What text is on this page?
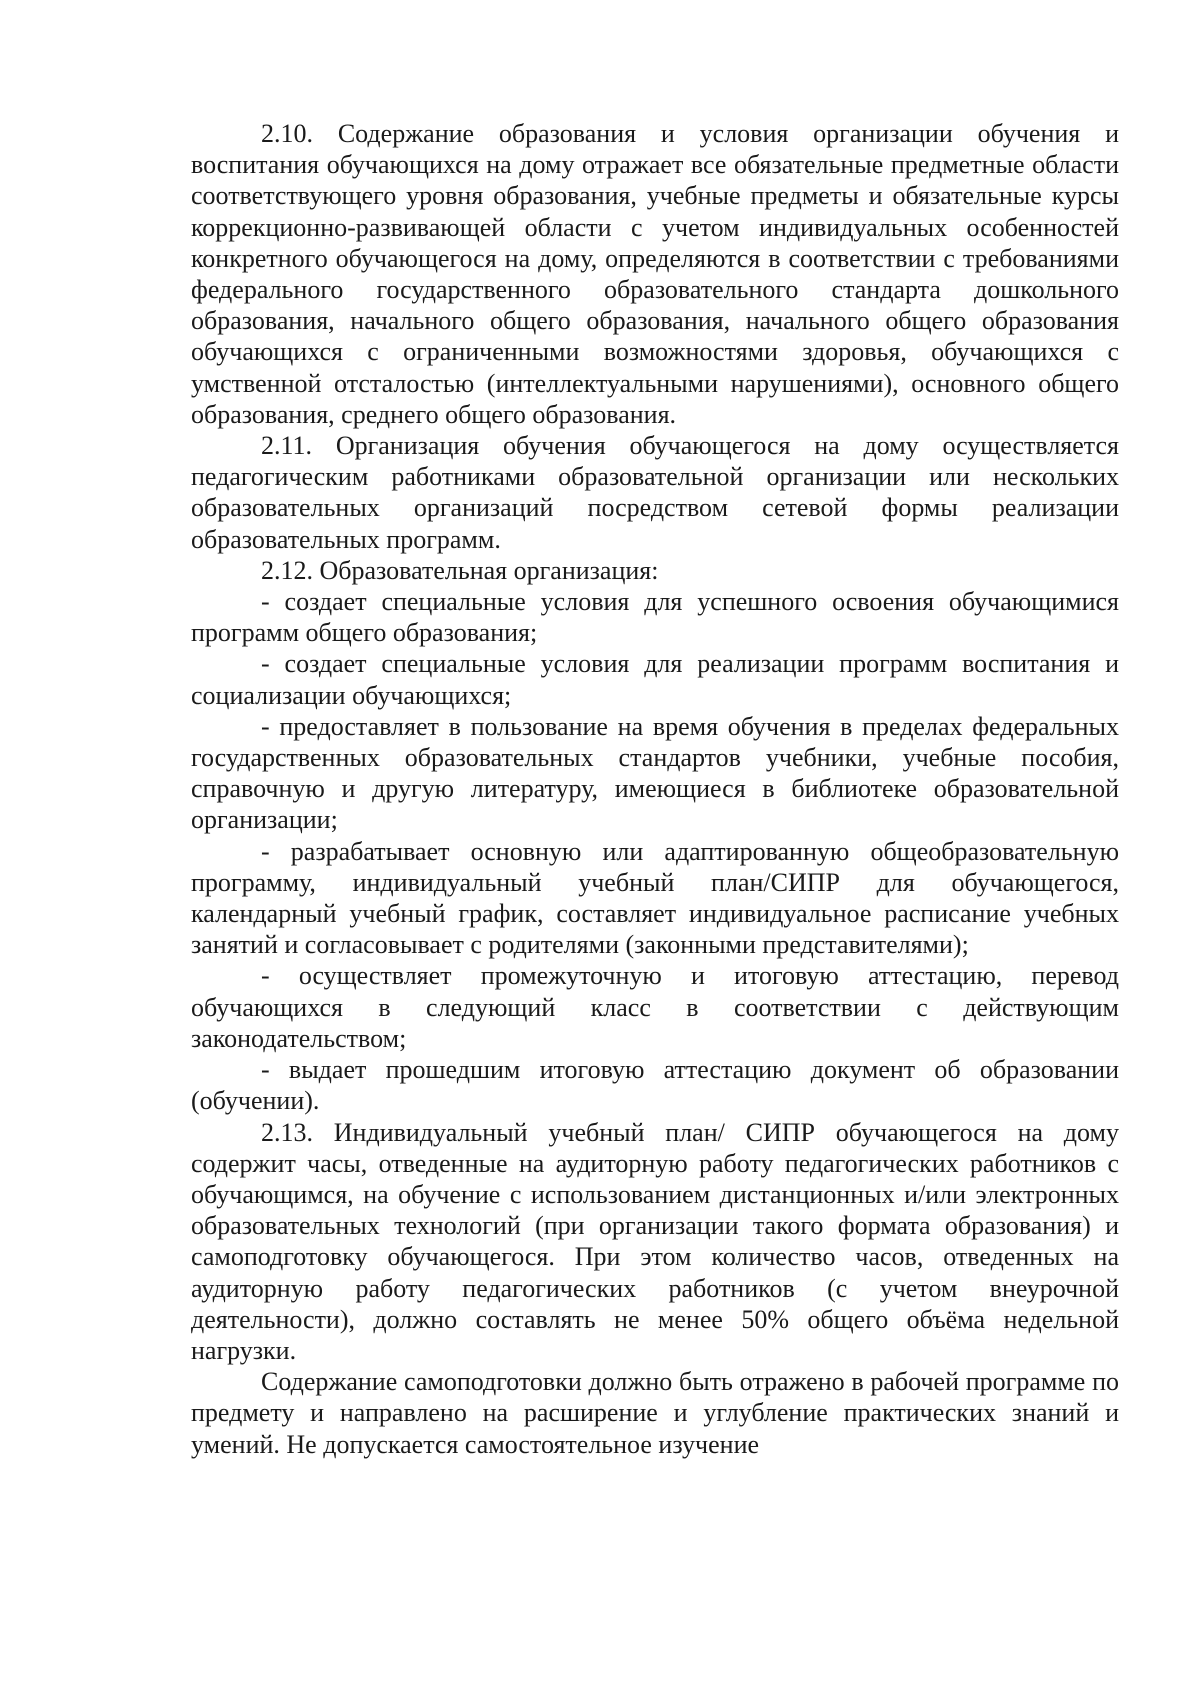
2.10. Содержание образования и условия организации обучения и воспитания обучающихся на дому отражает все обязательные предметные области соответствующего уровня образования, учебные предметы и обязательные курсы коррекционно-развивающей области с учетом индивидуальных особенностей конкретного обучающегося на дому, определяются в соответствии с требованиями федерального государственного образовательного стандарта дошкольного образования, начального общего образования, начального общего образования обучающихся с ограниченными возможностями здоровья, обучающихся с умственной отсталостью (интеллектуальными нарушениями), основного общего образования, среднего общего образования.

2.11. Организация обучения обучающегося на дому осуществляется педагогическим работниками образовательной организации или нескольких образовательных организаций посредством сетевой формы реализации образовательных программ.

2.12. Образовательная организация:

- создает специальные условия для успешного освоения обучающимися программ общего образования;

- создает специальные условия для реализации программ воспитания и социализации обучающихся;

- предоставляет в пользование на время обучения в пределах федеральных государственных образовательных стандартов учебники, учебные пособия, справочную и другую литературу, имеющиеся в библиотеке образовательной организации;

- разрабатывает основную или адаптированную общеобразовательную программу, индивидуальный учебный план/СИПР для обучающегося, календарный учебный график, составляет индивидуальное расписание учебных занятий и согласовывает с родителями (законными представителями);

- осуществляет промежуточную и итоговую аттестацию, перевод обучающихся в следующий класс в соответствии с действующим законодательством;

- выдает прошедшим итоговую аттестацию документ об образовании (обучении).

2.13. Индивидуальный учебный план/ СИПР обучающегося на дому содержит часы, отведенные на аудиторную работу педагогических работников с обучающимся, на обучение с использованием дистанционных и/или электронных образовательных технологий (при организации такого формата образования) и самоподготовку обучающегося. При этом количество часов, отведенных на аудиторную работу педагогических работников (с учетом внеурочной деятельности), должно составлять не менее 50% общего объёма недельной нагрузки.

Содержание самоподготовки должно быть отражено в рабочей программе по предмету и направлено на расширение и углубление практических знаний и умений. Не допускается самостоятельное изучение
